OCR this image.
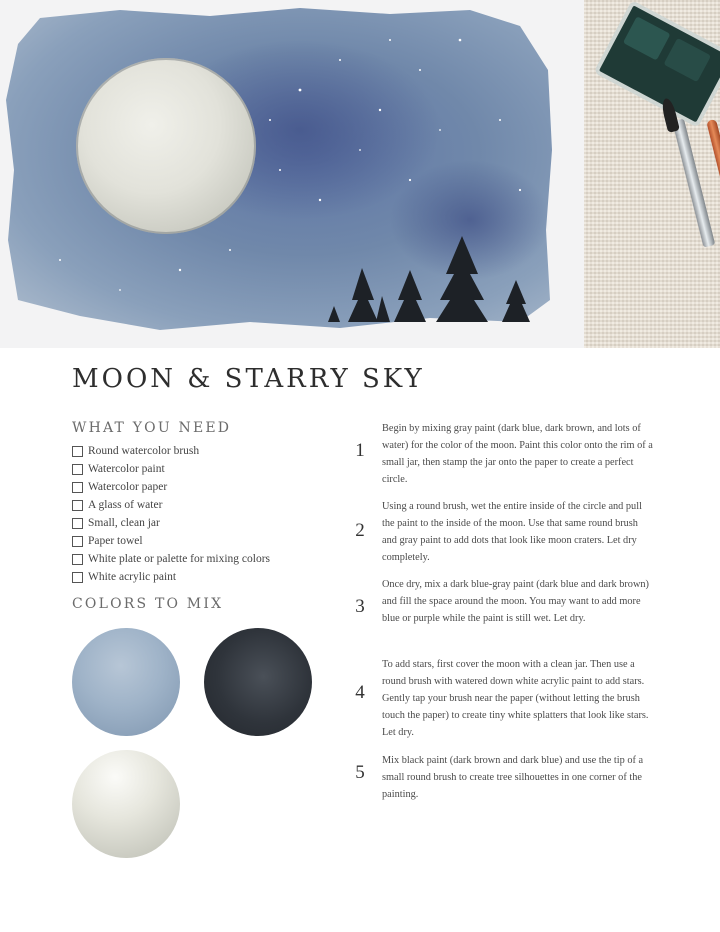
MOON & STARRY SKY
WHAT YOU NEED
Round watercolor brush
Watercolor paint
Watercolor paper
A glass of water
Small, clean jar
Paper towel
White plate or palette for mixing colors
White acrylic paint
COLORS TO MIX
1

Begin by mixing gray paint (dark blue, dark brown, and lots of water) for the color of the moon. Paint this color onto the rim of a small jar, then stamp the jar onto the paper to create a perfect circle.

2

Using a round brush, wet the entire inside of the circle and pull the paint to the inside of the moon. Use that same round brush and gray paint to add dots that look like moon craters. Let dry completely.

3

Once dry, mix a dark blue-gray paint (dark blue and dark brown) and fill the space around the moon. You may want to add more blue or purple while the paint is still wet. Let dry.

4

To add stars, first cover the moon with a clean jar. Then use a round brush with watered down white acrylic paint to add stars. Gently tap your brush near the paper (without letting the brush touch the paper) to create tiny white splatters that look like stars. Let dry.

5

Mix black paint (dark brown and dark blue) and use the tip of a small round brush to create tree silhouettes in one corner of the painting.
